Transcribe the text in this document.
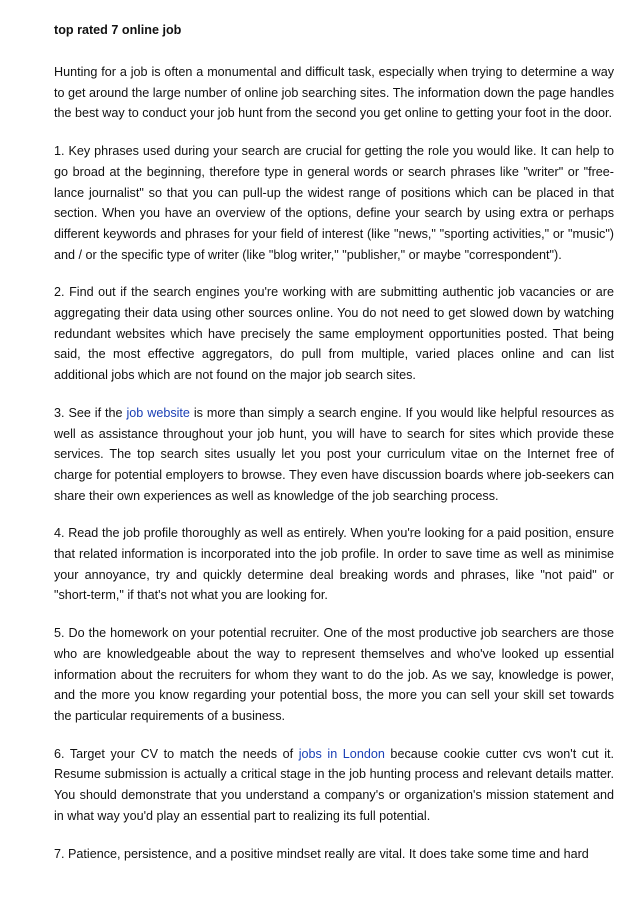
top rated 7 online job

Hunting for a job is often a monumental and difficult task, especially when trying to determine a way to get around the large number of online job searching sites. The information down the page handles the best way to conduct your job hunt from the second you get online to getting your foot in the door.

1. Key phrases used during your search are crucial for getting the role you would like. It can help to go broad at the beginning, therefore type in general words or search phrases like "writer" or "free-lance journalist" so that you can pull-up the widest range of positions which can be placed in that section. When you have an overview of the options, define your search by using extra or perhaps different keywords and phrases for your field of interest (like "news," "sporting activities," or "music") and / or the specific type of writer (like "blog writer," "publisher," or maybe "correspondent").

2. Find out if the search engines you're working with are submitting authentic job vacancies or are aggregating their data using other sources online. You do not need to get slowed down by watching redundant websites which have precisely the same employment opportunities posted. That being said, the most effective aggregators, do pull from multiple, varied places online and can list additional jobs which are not found on the major job search sites.

3. See if the job website is more than simply a search engine. If you would like helpful resources as well as assistance throughout your job hunt, you will have to search for sites which provide these services. The top search sites usually let you post your curriculum vitae on the Internet free of charge for potential employers to browse. They even have discussion boards where job-seekers can share their own experiences as well as knowledge of the job searching process.

4. Read the job profile thoroughly as well as entirely. When you're looking for a paid position, ensure that related information is incorporated into the job profile. In order to save time as well as minimise your annoyance, try and quickly determine deal breaking words and phrases, like "not paid" or "short-term," if that's not what you are looking for.

5. Do the homework on your potential recruiter. One of the most productive job searchers are those who are knowledgeable about the way to represent themselves and who've looked up essential information about the recruiters for whom they want to do the job. As we say, knowledge is power, and the more you know regarding your potential boss, the more you can sell your skill set towards the particular requirements of a business.

6. Target your CV to match the needs of jobs in London because cookie cutter cvs won't cut it. Resume submission is actually a critical stage in the job hunting process and relevant details matter. You should demonstrate that you understand a company's or organization's mission statement and in what way you'd play an essential part to realizing its full potential.

7. Patience, persistence, and a positive mindset really are vital. It does take some time and hard
